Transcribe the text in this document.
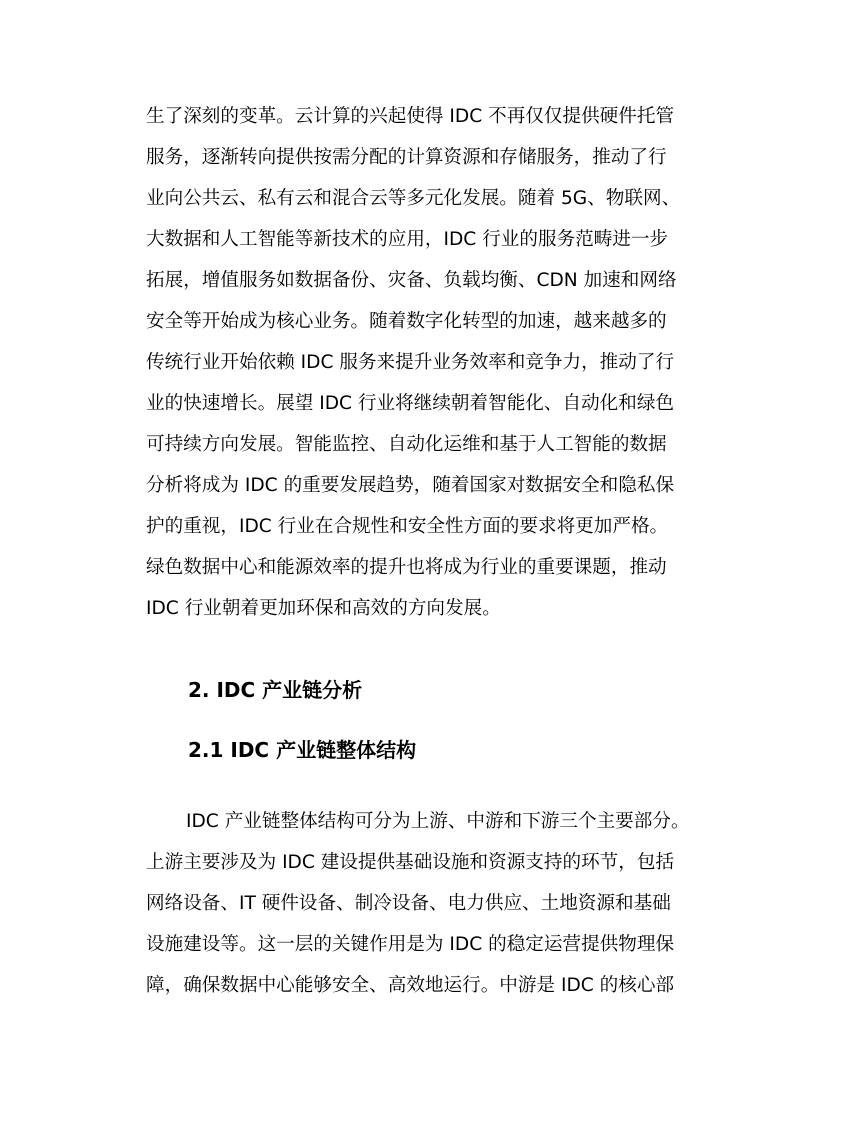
生了深刻的变革。云计算的兴起使得 IDC 不再仅仅提供硬件托管
服务，逐渐转向提供按需分配的计算资源和存储服务，推动了行
业向公共云、私有云和混合云等多元化发展。随着 5G、物联网、
大数据和人工智能等新技术的应用，IDC 行业的服务范畴进一步
拓展，增值服务如数据备份、灾备、负载均衡、CDN 加速和网络
安全等开始成为核心业务。随着数字化转型的加速，越来越多的
传统行业开始依赖 IDC 服务来提升业务效率和竞争力，推动了行
业的快速增长。展望 IDC 行业将继续朝着智能化、自动化和绿色
可持续方向发展。智能监控、自动化运维和基于人工智能的数据
分析将成为 IDC 的重要发展趋势，随着国家对数据安全和隐私保
护的重视，IDC 行业在合规性和安全性方面的要求将更加严格。
绿色数据中心和能源效率的提升也将成为行业的重要课题，推动
IDC 行业朝着更加环保和高效的方向发展。
2. IDC 产业链分析
2.1 IDC 产业链整体结构
IDC 产业链整体结构可分为上游、中游和下游三个主要部分。
上游主要涉及为 IDC 建设提供基础设施和资源支持的环节，包括
网络设备、IT 硬件设备、制冷设备、电力供应、土地资源和基础
设施建设等。这一层的关键作用是为 IDC 的稳定运营提供物理保
障，确保数据中心能够安全、高效地运行。中游是 IDC 的核心部
